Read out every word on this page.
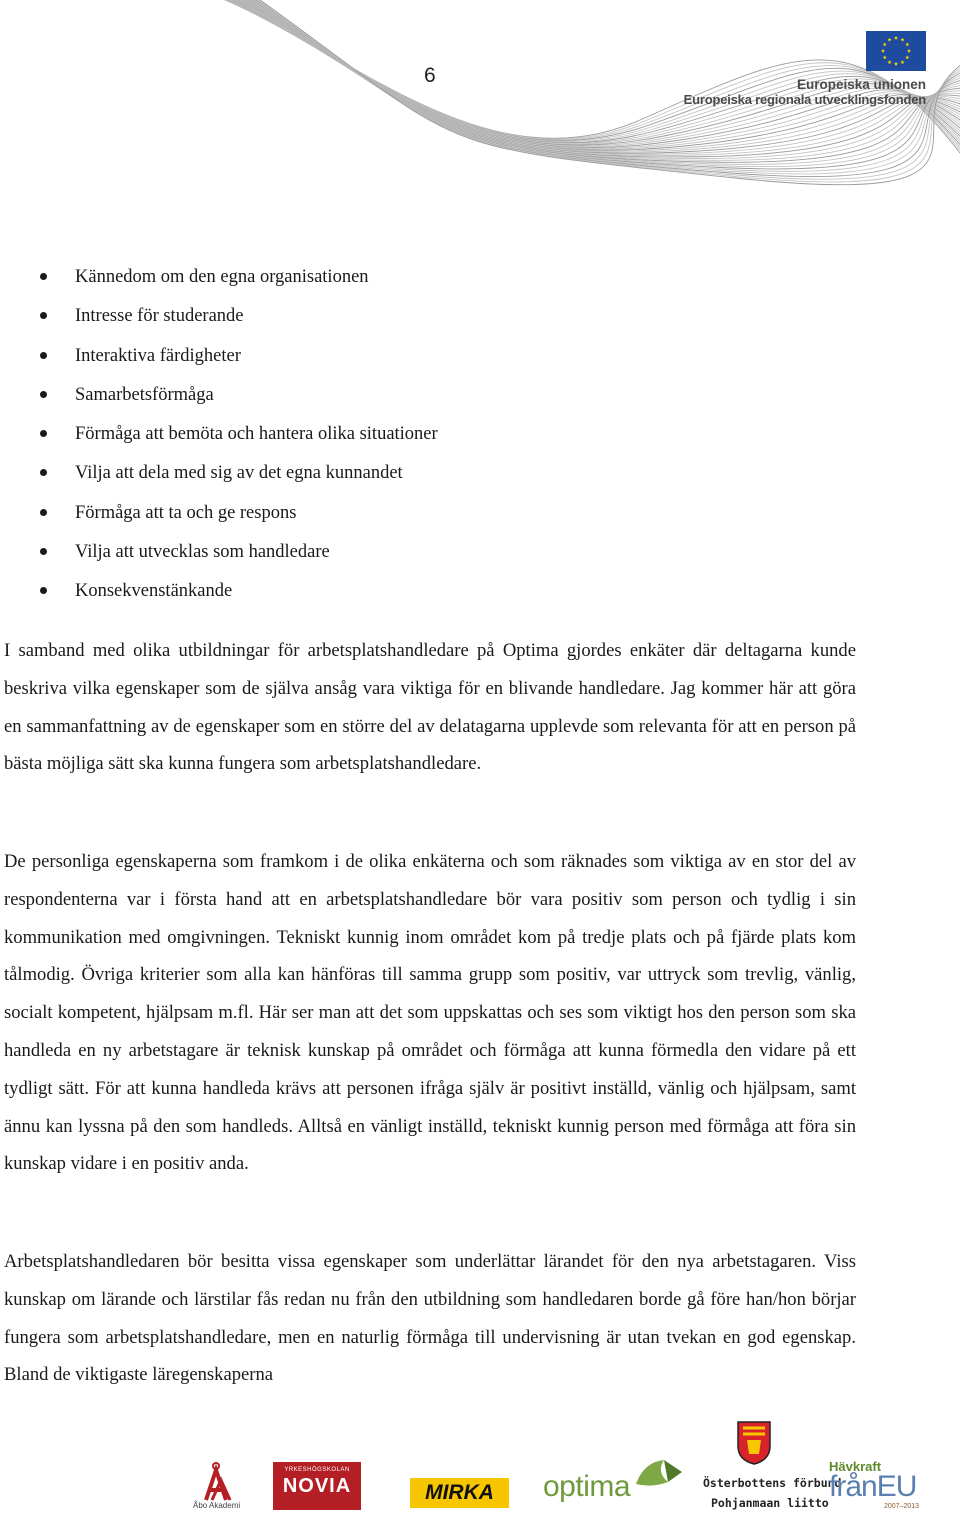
6	Europeiska unionen
Europeiska regionala utvecklingsfonden
Kännedom om den egna organisationen
Intresse för studerande
Interaktiva färdigheter
Samarbetsförmåga
Förmåga att bemöta och hantera olika situationer
Vilja att dela med sig av det egna kunnandet
Förmåga att ta och ge respons
Vilja att utvecklas som handledare
Konsekvenstänkande

I samband med olika utbildningar för arbetsplatshandledare på Optima gjordes enkäter där deltagarna kunde beskriva vilka egenskaper som de själva ansåg vara viktiga för en blivande handledare. Jag kommer här att göra en sammanfattning av de egenskaper som en större del av delatagarna upplevde som relevanta för att en person på bästa möjliga sätt ska kunna fungera som arbetsplatshandledare.

De personliga egenskaperna som framkom i de olika enkäterna och som räknades som viktiga av en stor del av respondenterna var i första hand att en arbetsplatshandledare bör vara positiv som person och tydlig i sin kommunikation med omgivningen. Tekniskt kunnig inom området kom på tredje plats och på fjärde plats kom tålmodig. Övriga kriterier som alla kan hänföras till samma grupp som positiv, var uttryck som trevlig, vänlig, socialt kompetent, hjälpsam m.fl. Här ser man att det som uppskattas och ses som viktigt hos den person som ska handleda en ny arbetstagare är teknisk kunskap på området och förmåga att kunna förmedla den vidare på ett tydligt sätt. För att kunna handleda krävs att personen ifråga själv är positivt inställd, vänlig och hjälpsam, samt ännu kan lyssna på den som handleds. Alltså en vänligt inställd, tekniskt kunnig person med förmåga att föra sin kunskap vidare i en positiv anda.

Arbetsplatshandledaren bör besitta vissa egenskaper som underlättar lärandet för den nya arbetstagaren. Viss kunskap om lärande och lärstilar fås redan nu från den utbildning som handledaren borde gå före han/hon börjar fungera som arbetsplatshandledare, men en naturlig förmåga till undervisning är utan tvekan en god egenskap. Bland de viktigaste läregenskaperna

Åbo Akademi
YRKESHÖGSKOLAN
NOVIA	MIRKA	optima	Österbottens förbund
Pohjanmaan liitto
Hävkraft
frånEU
2007–2013
